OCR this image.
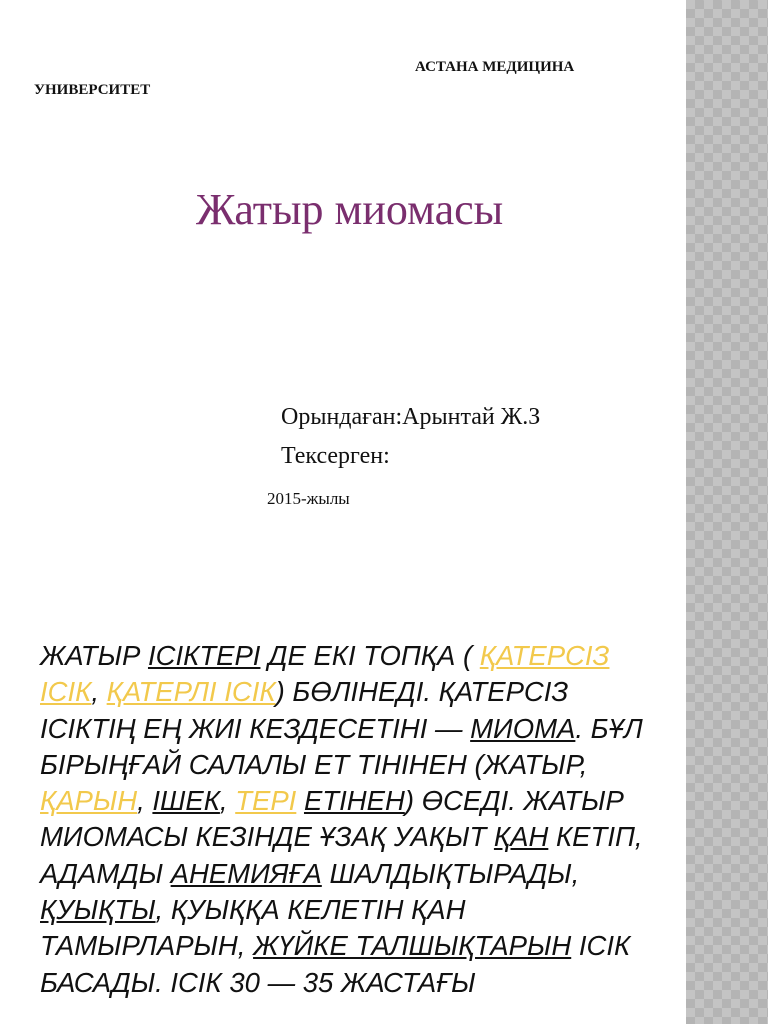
АСТАНА МЕДИЦИНА
УНИВЕРСИТЕТ
Жатыр миомасы
Орындаған:Арынтай Ж.З
Тексерген:
2015-жылы

ЖАТЫР ІСІКТЕРІ ДЕ ЕКІ ТОПҚА ( ҚАТЕРСІЗ ІСІК, ҚАТЕРЛІ ІСІК) БӨЛІНЕДІ. ҚАТЕРСІЗ ІСІКТІҢ ЕҢ ЖИІ КЕЗДЕСЕТІНІ — МИОМА. БҰЛ БІРЫҢҒАЙ САЛАЛЫ ЕТ ТІНІНЕН (ЖАТЫР, ҚАРЫН, ІШЕК, ТЕРІ ЕТІНЕН) ӨСЕДІ. ЖАТЫР МИОМАСЫ КЕЗІНДЕ ҰЗАҚ УАҚЫТ ҚАН КЕТІП, АДАМДЫ АНЕМИЯҒА ШАЛДЫҚТЫРАДЫ, ҚУЫҚТЫ, ҚУЫҚҚА КЕЛЕТІН ҚАН ТАМЫРЛАРЫН, ЖҮЙКЕ ТАЛШЫҚТАРЫН ІСІК БАСАДЫ. ІСІК 30 — 35 ЖАСТАҒЫ
